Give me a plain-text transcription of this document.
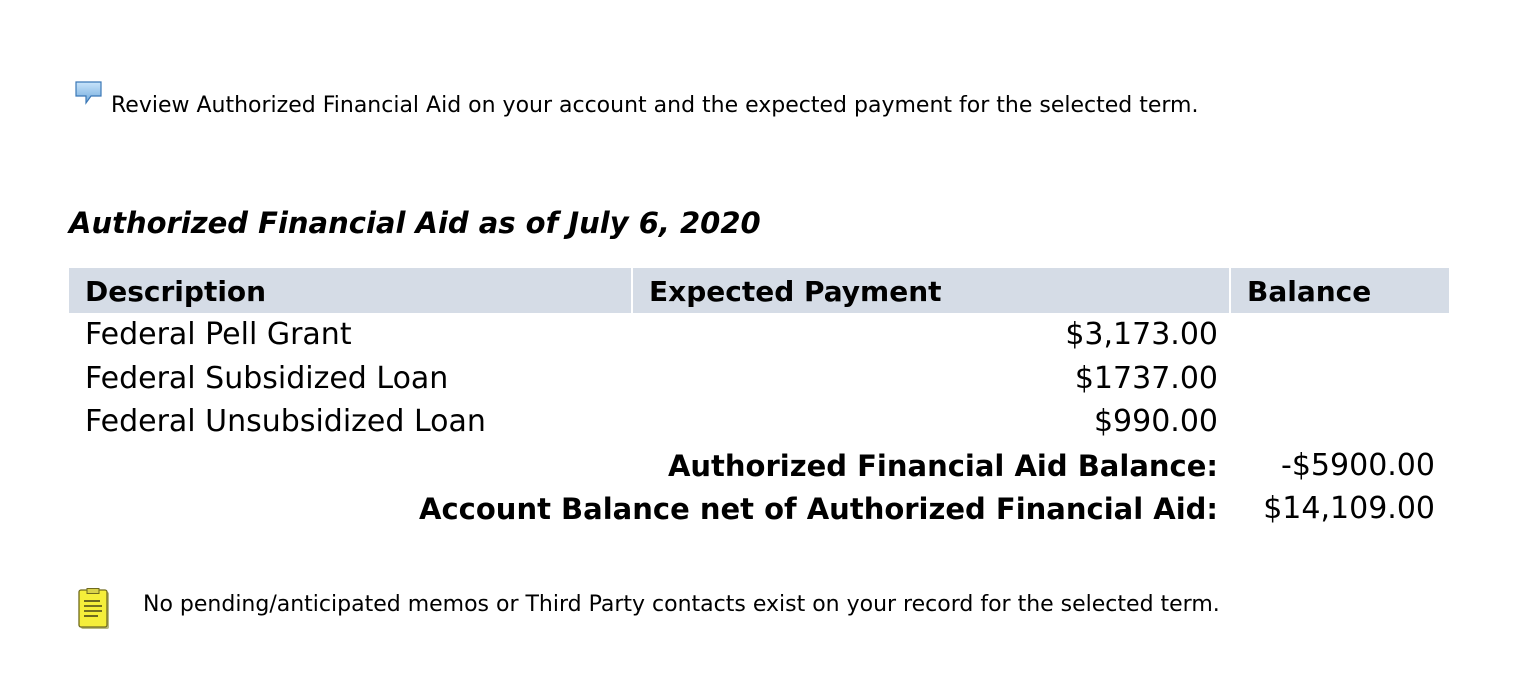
Review Authorized Financial Aid on your account and the expected payment for the selected term.
Authorized Financial Aid as of July 6, 2020
Description	Expected Payment	Balance
Federal Pell Grant	$3,173.00
Federal Subsidized Loan	$1737.00
Federal Unsubsidized Loan	$990.00
Authorized Financial Aid Balance: -$5900.00
Account Balance net of Authorized Financial Aid: $14,109.00
No pending/anticipated memos or Third Party contacts exist on your record for the selected term.
